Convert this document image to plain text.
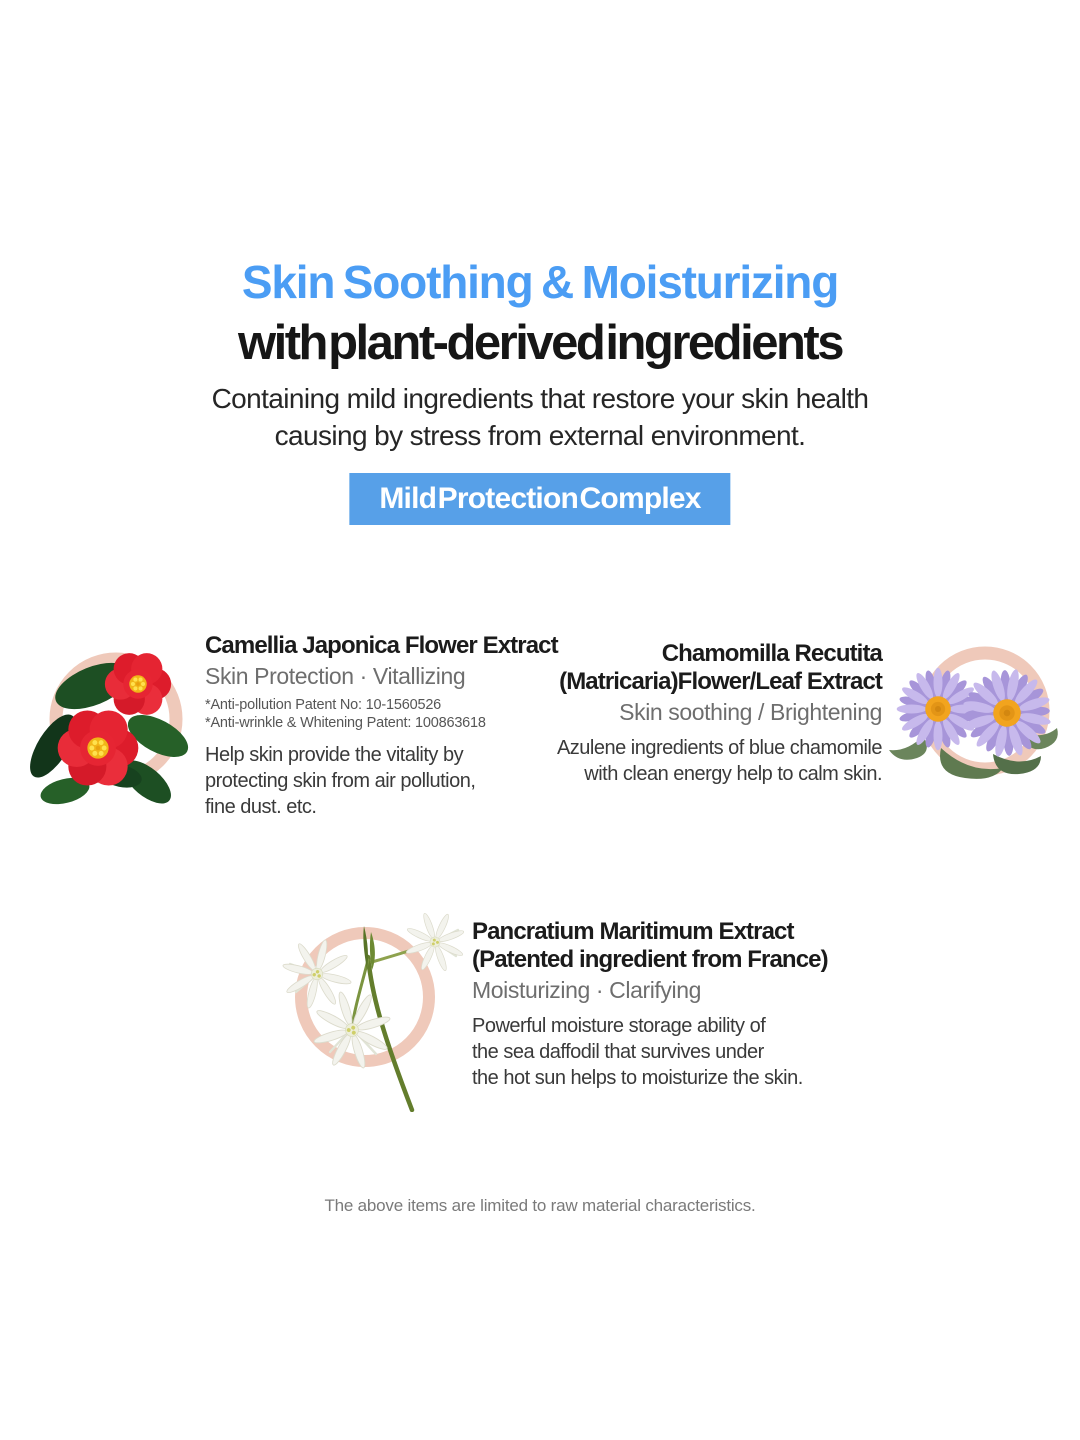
Skin Soothing & Moisturizing
with plant-derived ingredients

Containing mild ingredients that restore your skin health
causing by stress from external environment.

Mild Protection Complex
Camellia Japonica Flower Extract
Skin Protection · Vitallizing
*Anti-pollution Patent No: 10-1560526
*Anti-wrinkle & Whitening Patent: 100863618

Help skin provide the vitality by
protecting skin from air pollution,
fine dust. etc.

Chamomilla Recutita
(Matricaria)Flower/Leaf Extract
Skin soothing / Brightening

Azulene ingredients of blue chamomile
with clean energy help to calm skin.

Pancratium Maritimum Extract
(Patented ingredient from France)
Moisturizing · Clarifying

Powerful moisture storage ability of
the sea daffodil that survives under
the hot sun helps to moisturize the skin.

The above items are limited to raw material characteristics.
